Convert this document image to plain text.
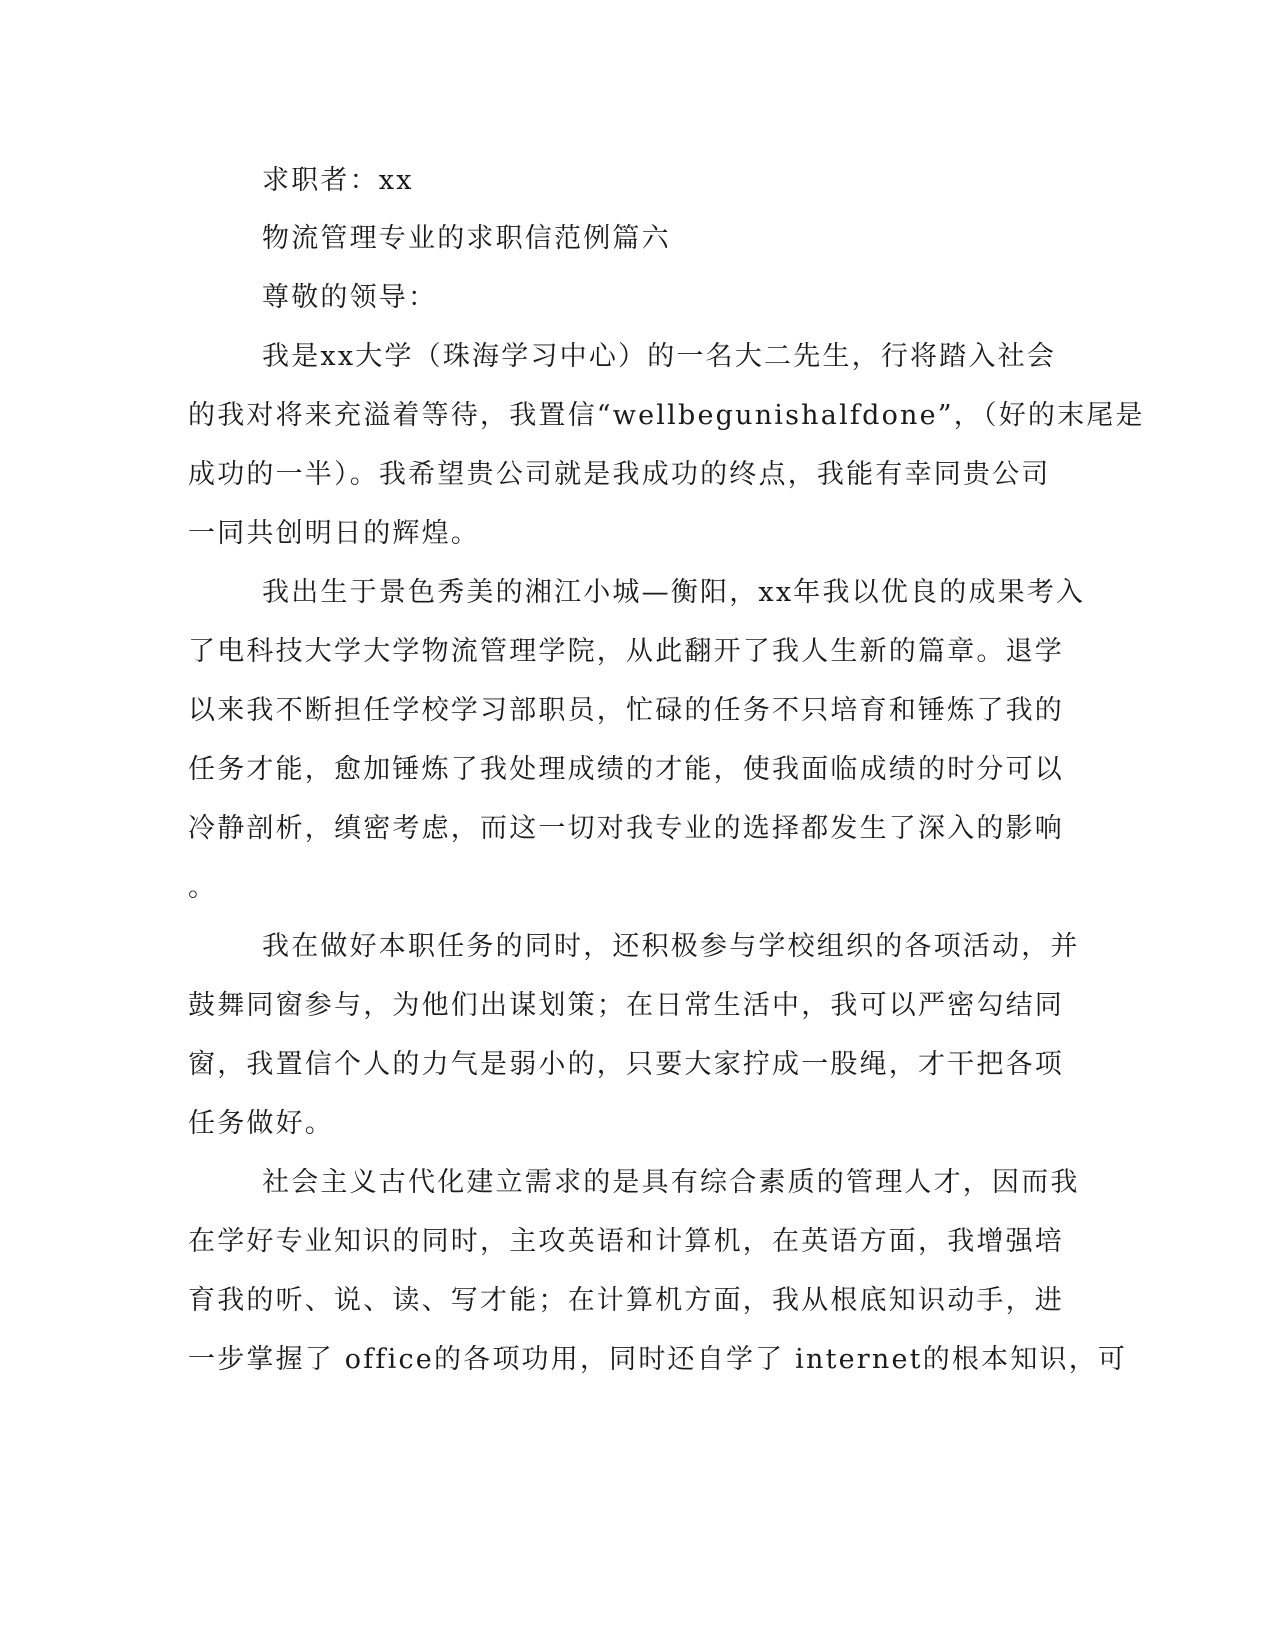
求职者：xx
物流管理专业的求职信范例篇六
尊敬的领导：
我是xx大学（珠海学习中心）的一名大二先生，行将踏入社会
的我对将来充溢着等待，我置信“wellbegunishalfdone”，（好的末尾是
成功的一半）。我希望贵公司就是我成功的终点，我能有幸同贵公司
一同共创明日的辉煌。
我出生于景色秀美的湘江小城—衡阳，xx年我以优良的成果考入
了电科技大学大学物流管理学院，从此翻开了我人生新的篇章。退学
以来我不断担任学校学习部职员，忙碌的任务不只培育和锤炼了我的
任务才能，愈加锤炼了我处理成绩的才能，使我面临成绩的时分可以
冷静剖析，缜密考虑，而这一切对我专业的选择都发生了深入的影响
。
我在做好本职任务的同时，还积极参与学校组织的各项活动，并
鼓舞同窗参与，为他们出谋划策；在日常生活中，我可以严密勾结同
窗，我置信个人的力气是弱小的，只要大家拧成一股绳，才干把各项
任务做好。
社会主义古代化建立需求的是具有综合素质的管理人才，因而我
在学好专业知识的同时，主攻英语和计算机，在英语方面，我增强培
育我的听、说、读、写才能；在计算机方面，我从根底知识动手，进
一步掌握了 office的各项功用，同时还自学了 internet的根本知识，可
